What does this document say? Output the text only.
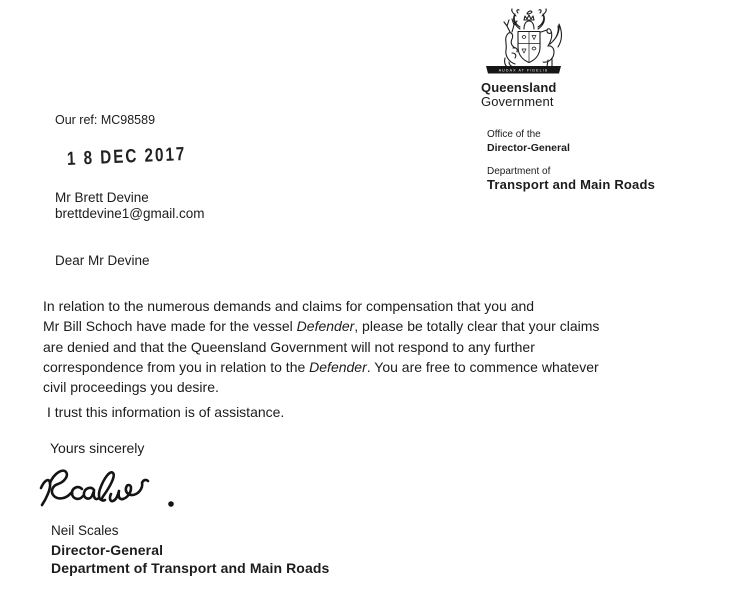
AUDAX AT FIDELIS
Queensland
Government
Office of the
Director-General
Department of
Transport and Main Roads
Our ref: MC98589
1 8 DEC 2017
Mr Brett Devine
brettdevine1@gmail.com
Dear Mr Devine
In relation to the numerous demands and claims for compensation that you and
Mr Bill Schoch have made for the vessel Defender, please be totally clear that your claims
are denied and that the Queensland Government will not respond to any further
correspondence from you in relation to the Defender. You are free to commence whatever
civil proceedings you desire.
I trust this information is of assistance.
Yours sincerely
Neil Scales
Director-General
Department of Transport and Main Roads
